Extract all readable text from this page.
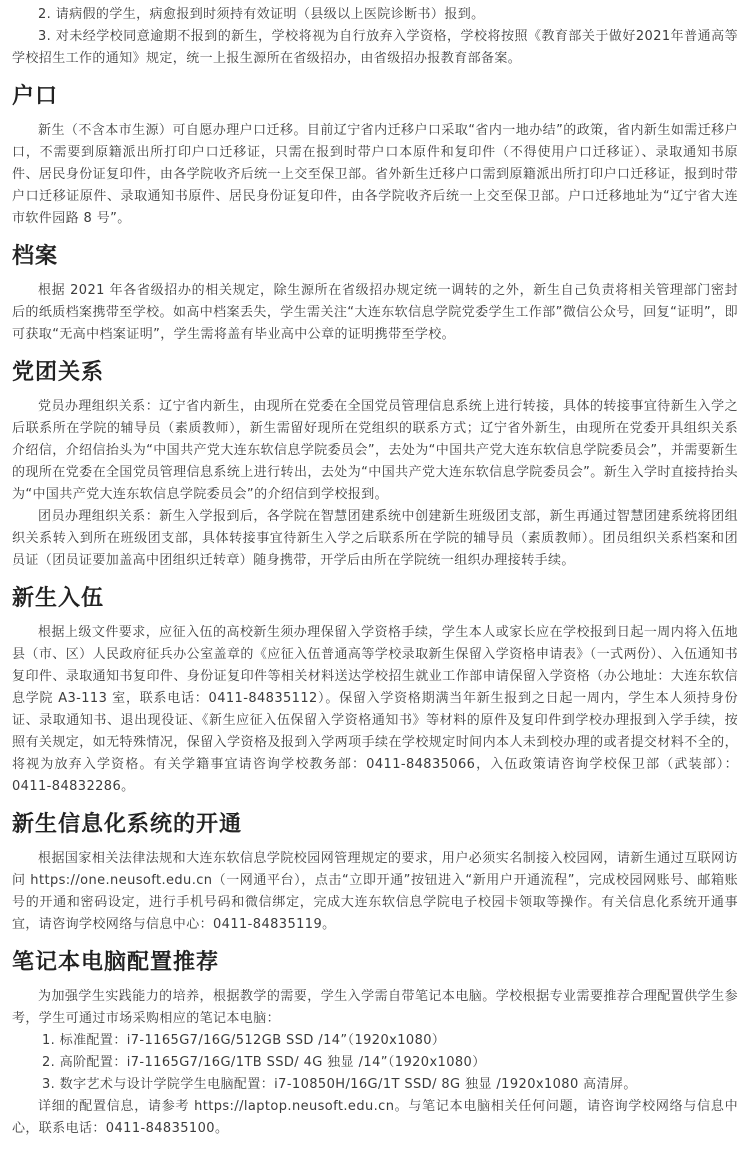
2. 请病假的学生，病愈报到时须持有效证明（县级以上医院诊断书）报到。

3. 对未经学校同意逾期不报到的新生，学校将视为自行放弃入学资格，学校将按照《教育部关于做好2021年普通高等学校招生工作的通知》规定，统一上报生源所在省级招办，由省级招办报教育部备案。

户口

新生（不含本市生源）可自愿办理户口迁移。目前辽宁省内迁移户口采取“省内一地办结”的政策，省内新生如需迁移户口，不需要到原籍派出所打印户口迁移证，只需在报到时带户口本原件和复印件（不得使用户口迁移证）、录取通知书原件、居民身份证复印件，由各学院收齐后统一上交至保卫部。省外新生迁移户口需到原籍派出所打印户口迁移证，报到时带户口迁移证原件、录取通知书原件、居民身份证复印件，由各学院收齐后统一上交至保卫部。户口迁移地址为“辽宁省大连市软件园路 8 号”。

档案

根据 2021 年各省级招办的相关规定，除生源所在省级招办规定统一调转的之外，新生自己负责将相关管理部门密封后的纸质档案携带至学校。如高中档案丢失，学生需关注“大连东软信息学院党委学生工作部”微信公众号，回复“证明”，即可获取“无高中档案证明”，学生需将盖有毕业高中公章的证明携带至学校。

党团关系

党员办理组织关系：辽宁省内新生，由现所在党委在全国党员管理信息系统上进行转接，具体的转接事宜待新生入学之后联系所在学院的辅导员（素质教师），新生需留好现所在党组织的联系方式；辽宁省外新生，由现所在党委开具组织关系介绍信，介绍信抬头为“中国共产党大连东软信息学院委员会”，去处为“中国共产党大连东软信息学院委员会”，并需要新生的现所在党委在全国党员管理信息系统上进行转出，去处为“中国共产党大连东软信息学院委员会”。新生入学时直接持抬头为“中国共产党大连东软信息学院委员会”的介绍信到学校报到。

团员办理组织关系：新生入学报到后，各学院在智慧团建系统中创建新生班级团支部，新生再通过智慧团建系统将团组织关系转入到所在班级团支部，具体转接事宜待新生入学之后联系所在学院的辅导员（素质教师）。团员组织关系档案和团员证（团员证要加盖高中团组织迁转章）随身携带，开学后由所在学院统一组织办理接转手续。

新生入伍

根据上级文件要求，应征入伍的高校新生须办理保留入学资格手续，学生本人或家长应在学校报到日起一周内将入伍地县（市、区）人民政府征兵办公室盖章的《应征入伍普通高等学校录取新生保留入学资格申请表》（一式两份）、入伍通知书复印件、录取通知书复印件、身份证复印件等相关材料送达学校招生就业工作部申请保留入学资格（办公地址：大连东软信息学院 A3-113 室，联系电话：0411-84835112）。保留入学资格期满当年新生报到之日起一周内，学生本人须持身份证、录取通知书、退出现役证、《新生应征入伍保留入学资格通知书》等材料的原件及复印件到学校办理报到入学手续，按照有关规定，如无特殊情况，保留入学资格及报到入学两项手续在学校规定时间内本人未到校办理的或者提交材料不全的，将视为放弃入学资格。有关学籍事宜请咨询学校教务部：0411-84835066，入伍政策请咨询学校保卫部（武装部）：0411-84832286。

新生信息化系统的开通

根据国家相关法律法规和大连东软信息学院校园网管理规定的要求，用户必须实名制接入校园网，请新生通过互联网访问 https://one.neusoft.edu.cn（一网通平台），点击“立即开通”按钮进入“新用户开通流程”，完成校园网账号、邮箱账号的开通和密码设定，进行手机号码和微信绑定，完成大连东软信息学院电子校园卡领取等操作。有关信息化系统开通事宜，请咨询学校网络与信息中心：0411-84835119。

笔记本电脑配置推荐

为加强学生实践能力的培养，根据教学的需要，学生入学需自带笔记本电脑。学校根据专业需要推荐合理配置供学生参考，学生可通过市场采购相应的笔记本电脑：

1. 标准配置：i7-1165G7/16G/512GB SSD /14”（1920x1080）

2. 高阶配置：i7-1165G7/16G/1TB SSD/ 4G 独显 /14”（1920x1080）

3. 数字艺术与设计学院学生电脑配置：i7-10850H/16G/1T SSD/ 8G 独显 /1920x1080 高清屏。

详细的配置信息，请参考 https://laptop.neusoft.edu.cn。与笔记本电脑相关任何问题，请咨询学校网络与信息中心，联系电话：0411-84835100。
